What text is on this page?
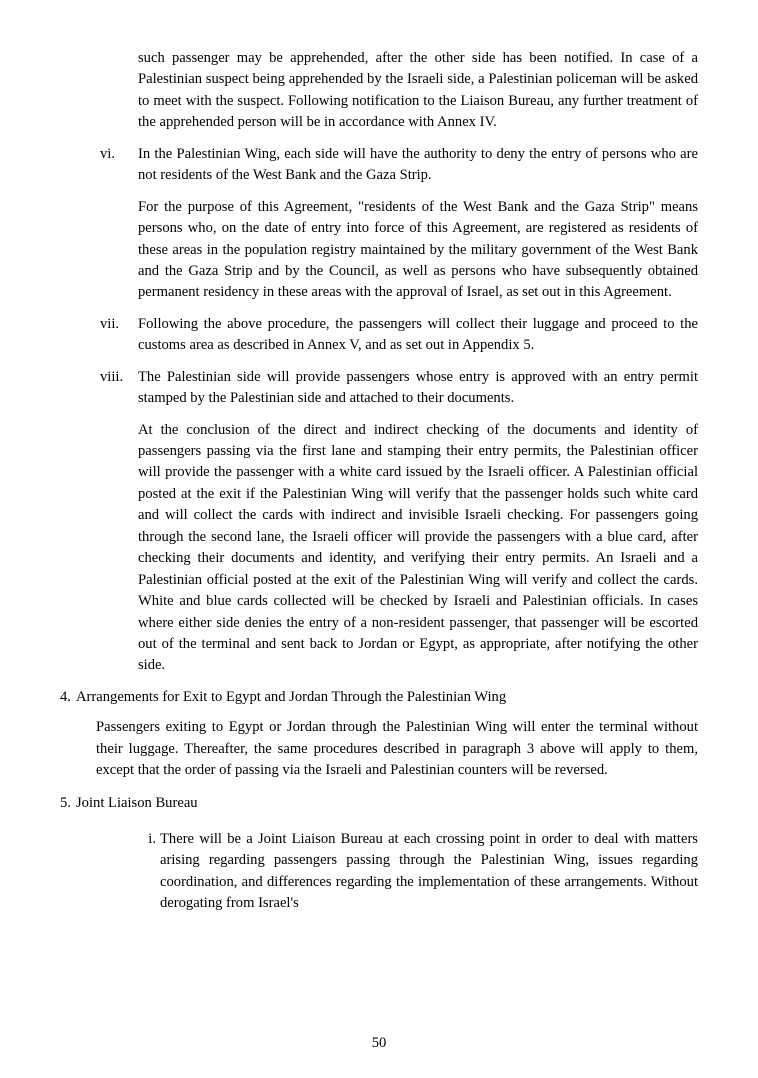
such passenger may be apprehended, after the other side has been notified. In case of a Palestinian suspect being apprehended by the Israeli side, a Palestinian policeman will be asked to meet with the suspect. Following notification to the Liaison Bureau, any further treatment of the apprehended person will be in accordance with Annex IV.
vi.	In the Palestinian Wing, each side will have the authority to deny the entry of persons who are not residents of the West Bank and the Gaza Strip.
For the purpose of this Agreement, "residents of the West Bank and the Gaza Strip" means persons who, on the date of entry into force of this Agreement, are registered as residents of these areas in the population registry maintained by the military government of the West Bank and the Gaza Strip and by the Council, as well as persons who have subsequently obtained permanent residency in these areas with the approval of Israel, as set out in this Agreement.
vii.	Following the above procedure, the passengers will collect their luggage and proceed to the customs area as described in Annex V, and as set out in Appendix 5.
viii.	The Palestinian side will provide passengers whose entry is approved with an entry permit stamped by the Palestinian side and attached to their documents.
At the conclusion of the direct and indirect checking of the documents and identity of passengers passing via the first lane and stamping their entry permits, the Palestinian officer will provide the passenger with a white card issued by the Israeli officer. A Palestinian official posted at the exit if the Palestinian Wing will verify that the passenger holds such white card and will collect the cards with indirect and invisible Israeli checking. For passengers going through the second lane, the Israeli officer will provide the passengers with a blue card, after checking their documents and identity, and verifying their entry permits. An Israeli and a Palestinian official posted at the exit of the Palestinian Wing will verify and collect the cards. White and blue cards collected will be checked by Israeli and Palestinian officials. In cases where either side denies the entry of a non-resident passenger, that passenger will be escorted out of the terminal and sent back to Jordan or Egypt, as appropriate, after notifying the other side.
4. Arrangements for Exit to Egypt and Jordan Through the Palestinian Wing
Passengers exiting to Egypt or Jordan through the Palestinian Wing will enter the terminal without their luggage. Thereafter, the same procedures described in paragraph 3 above will apply to them, except that the order of passing via the Israeli and Palestinian counters will be reversed.
5. Joint Liaison Bureau
i. There will be a Joint Liaison Bureau at each crossing point in order to deal with matters arising regarding passengers passing through the Palestinian Wing, issues regarding coordination, and differences regarding the implementation of these arrangements. Without derogating from Israel's
50
